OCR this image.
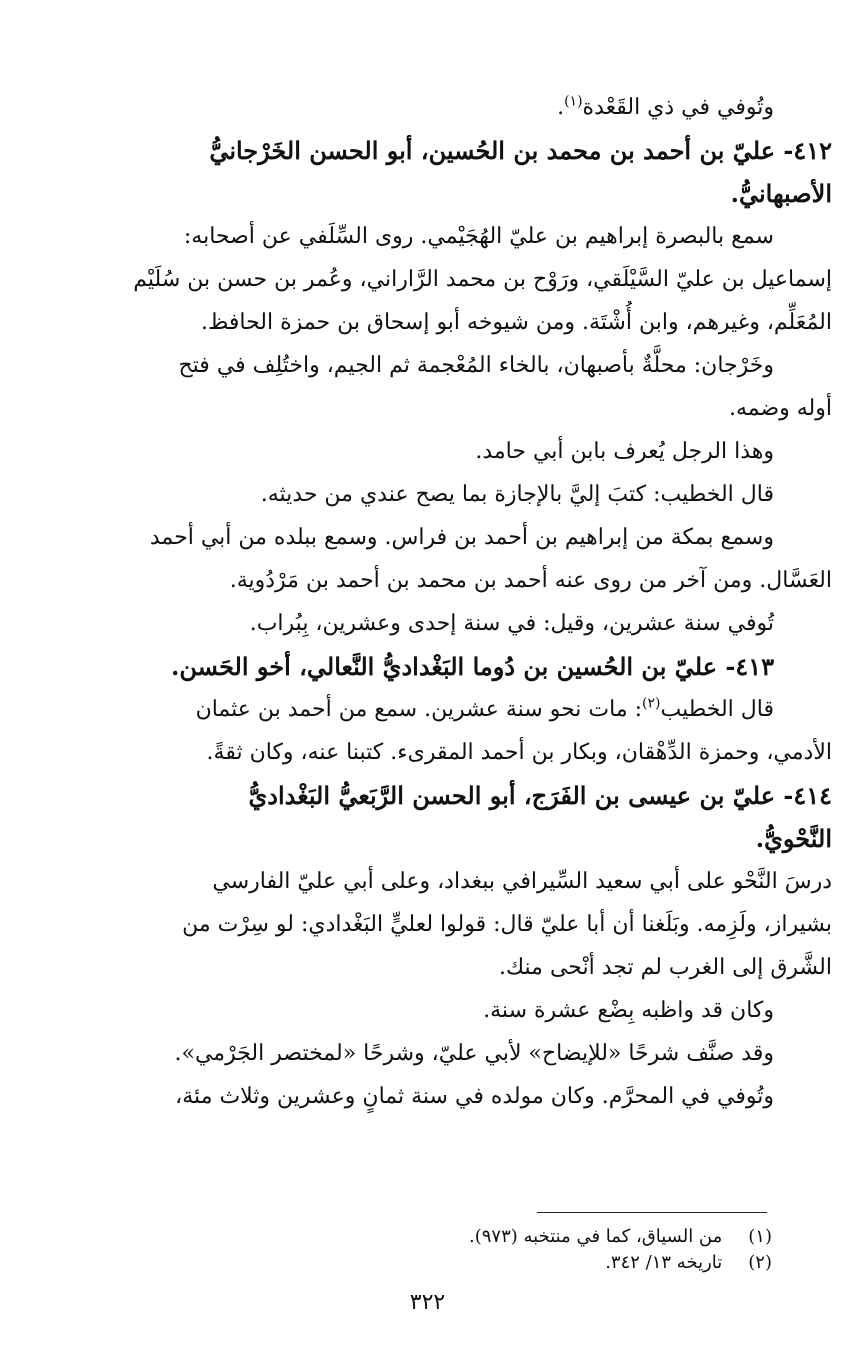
وتُوفي في ذي القَعْدة$^{(١)}$.
٤١٢- عليّ بن أحمد بن محمد بن الحُسين، أبو الحسن الخَرْجانيُّ
الأصبهانيُّ.
سمع بالبصرة إبراهيم بن عليّ الهُجَيْمي. روى السِّلَفي عن أصحابه:
إسماعيل بن عليّ السَّيْلَقي، ورَوْح بن محمد الرَّاراني، وعُمر بن حسن بن سُلَيْم
المُعَلِّم، وغيرهم، وابن أُشْتَة. ومن شيوخه أبو إسحاق بن حمزة الحافظ.
وخَرْجان: محلَّةٌ بأصبهان، بالخاء المُعْجمة ثم الجيم، واختُلِف في فتح
أوله وضمه.
وهذا الرجل يُعرف بابن أبي حامد.
قال الخطيب: كتبَ إليَّ بالإجازة بما يصح عندي من حديثه.
وسمع بمكة من إبراهيم بن أحمد بن فراس. وسمع ببلده من أبي أحمد
العَسَّال. ومن آخر من روى عنه أحمد بن محمد بن أحمد بن مَرْدُوية.
تُوفي سنة عشرين، وقيل: في سنة إحدى وعشرين، بِبُراب.
٤١٣- عليّ بن الحُسين بن دُوما البَغْداديُّ النَّعالي، أخو الحَسن.
قال الخطيب$^{(٢)}$: مات نحو سنة عشرين. سمع من أحمد بن عثمان
الأدمي، وحمزة الدِّهْقان، وبكار بن أحمد المقرىء. كتبنا عنه، وكان ثقةً.
٤١٤- عليّ بن عيسى بن الفَرَج، أبو الحسن الرَّبَعيُّ البَغْداديُّ
النَّحْويُّ.
درسَ النَّحْو على أبي سعيد السِّيرافي ببغداد، وعلى أبي عليّ الفارسي
بشيراز، ولَزِمه. وبَلَغنا أن أبا عليّ قال: قولوا لعليٍّ البَغْدادي: لو سِرْت من
الشَّرق إلى الغرب لم تجد أنْحى منك.
وكان قد واظبه بِضْع عشرة سنة.
وقد صنَّف شرحًا «للإيضاح» لأبي عليّ، وشرحًا «لمختصر الجَرْمي».
وتُوفي في المحرَّم. وكان مولده في سنة ثمانٍ وعشرين وثلاث مئة،
(١) من السياق، كما في منتخبه (٩٧٣).
(٢) تاريخه ١٣/ ٣٤٢.
٣٢٢
